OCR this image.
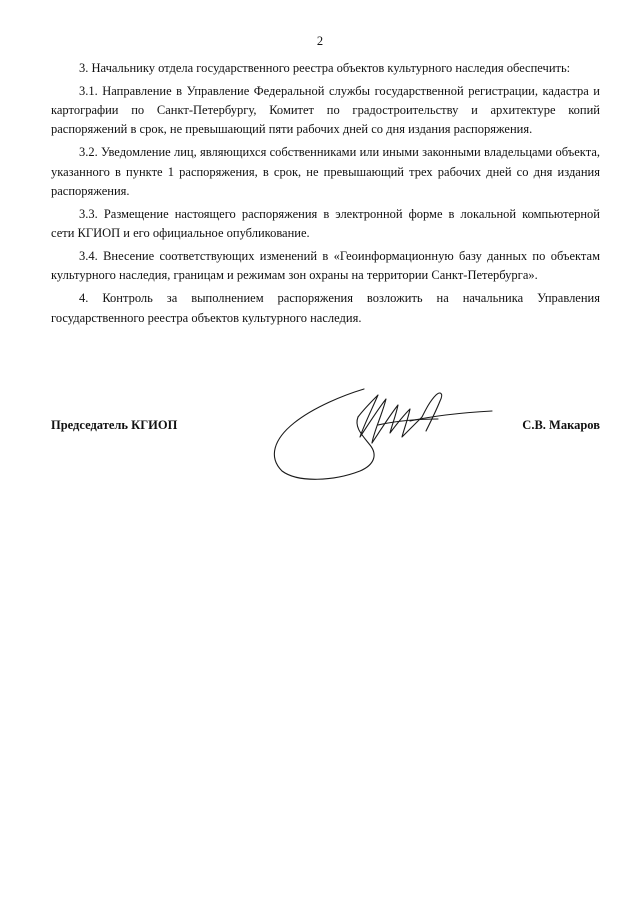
2

3. Начальнику отдела государственного реестра объектов культурного наследия обеспечить:

3.1. Направление в Управление Федеральной службы государственной регистрации, кадастра и картографии по Санкт-Петербургу, Комитет по градостроительству и архитектуре копий распоряжений в срок, не превышающий пяти рабочих дней со дня издания распоряжения.

3.2. Уведомление лиц, являющихся собственниками или иными законными владельцами объекта, указанного в пункте 1 распоряжения, в срок, не превышающий трех рабочих дней со дня издания распоряжения.

3.3. Размещение настоящего распоряжения в электронной форме в локальной компьютерной сети КГИОП и его официальное опубликование.

3.4. Внесение соответствующих изменений в «Геоинформационную базу данных по объектам культурного наследия, границам и режимам зон охраны на территории Санкт-Петербурга».

4. Контроль за выполнением распоряжения возложить на начальника Управления государственного реестра объектов культурного наследия.

Председатель КГИОП	С.В. Макаров
